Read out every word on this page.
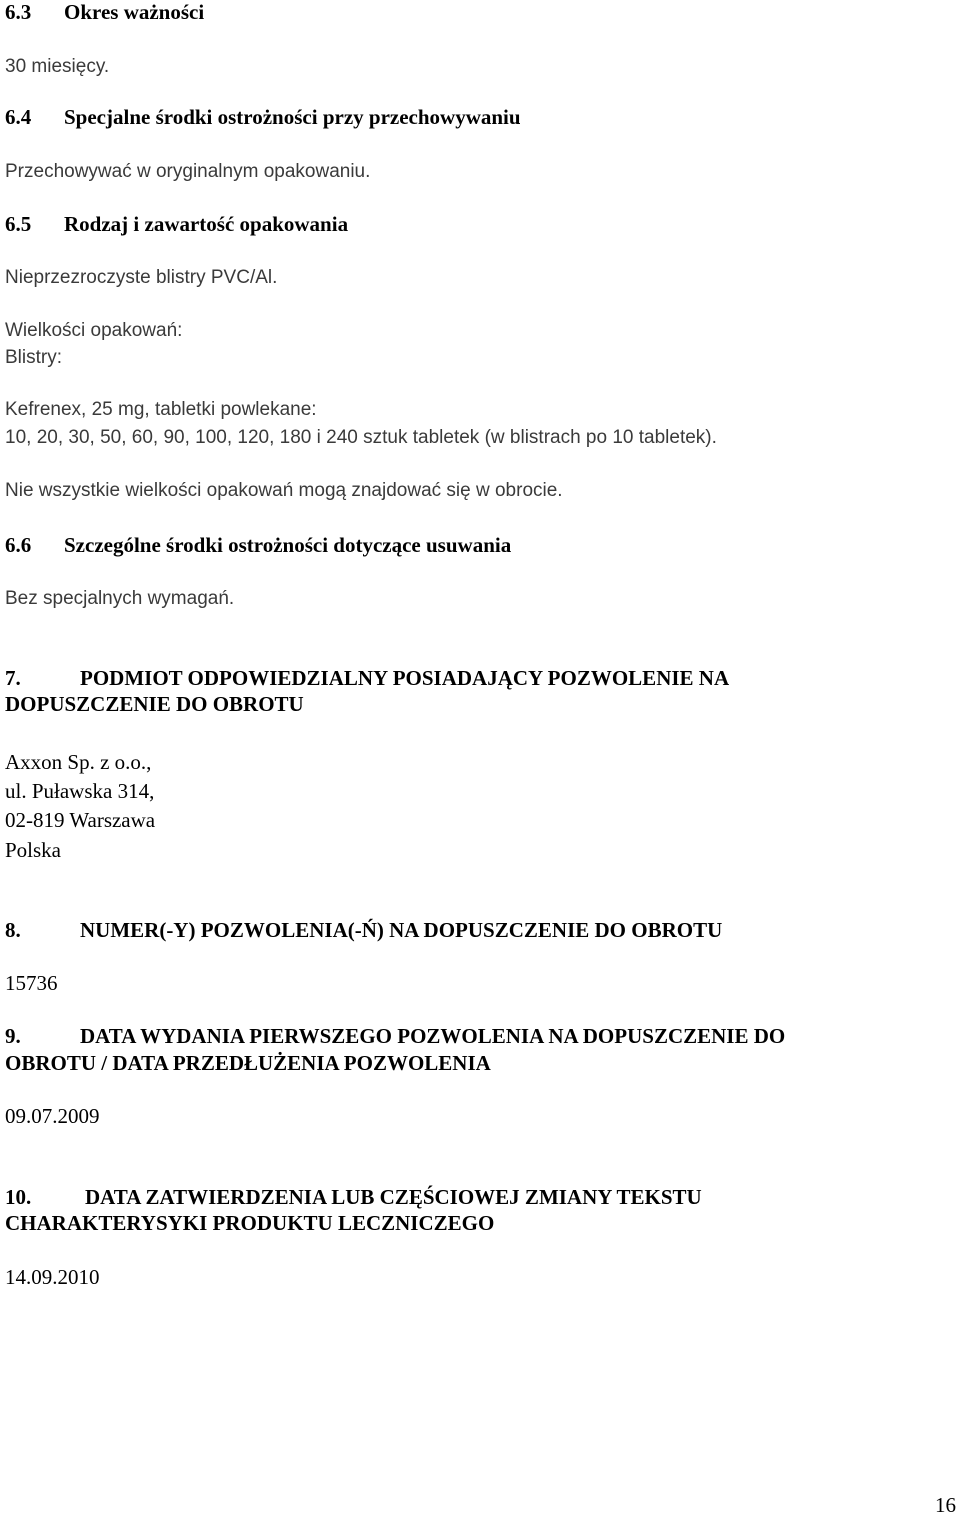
6.3 Okres ważności

30 miesięcy.

6.4 Specjalne środki ostrożności przy przechowywaniu

Przechowywać w oryginalnym opakowaniu.

6.5 Rodzaj i zawartość opakowania

Nieprzezroczyste blistry PVC/Al.

Wielkości opakowań:

Blistry:

Kefrenex, 25 mg, tabletki powlekane:

10, 20, 30, 50, 60, 90, 100, 120, 180 i 240 sztuk tabletek (w blistrach po 10 tabletek).

Nie wszystkie wielkości opakowań mogą znajdować się w obrocie.

6.6 Szczególne środki ostrożności dotyczące usuwania

Bez specjalnych wymagań.

7.	PODMIOT ODPOWIEDZIALNY POSIADAJĄCY POZWOLENIE NA

DOPUSZCZENIE DO OBROTU

Axxon Sp. z o.o.,

ul. Puławska 314,

02-819 Warszawa

Polska

8.	NUMER(-Y) POZWOLENIA(-Ń) NA DOPUSZCZENIE DO OBROTU

15736

9.	DATA WYDANIA PIERWSZEGO POZWOLENIA NA DOPUSZCZENIE DO

OBROTU / DATA PRZEDŁUŻENIA POZWOLENIA

09.07.2009

10.	DATA ZATWIERDZENIA LUB CZĘŚCIOWEJ ZMIANY TEKSTU

CHARAKTERYSYKI PRODUKTU LECZNICZEGO

14.09.2010

16
